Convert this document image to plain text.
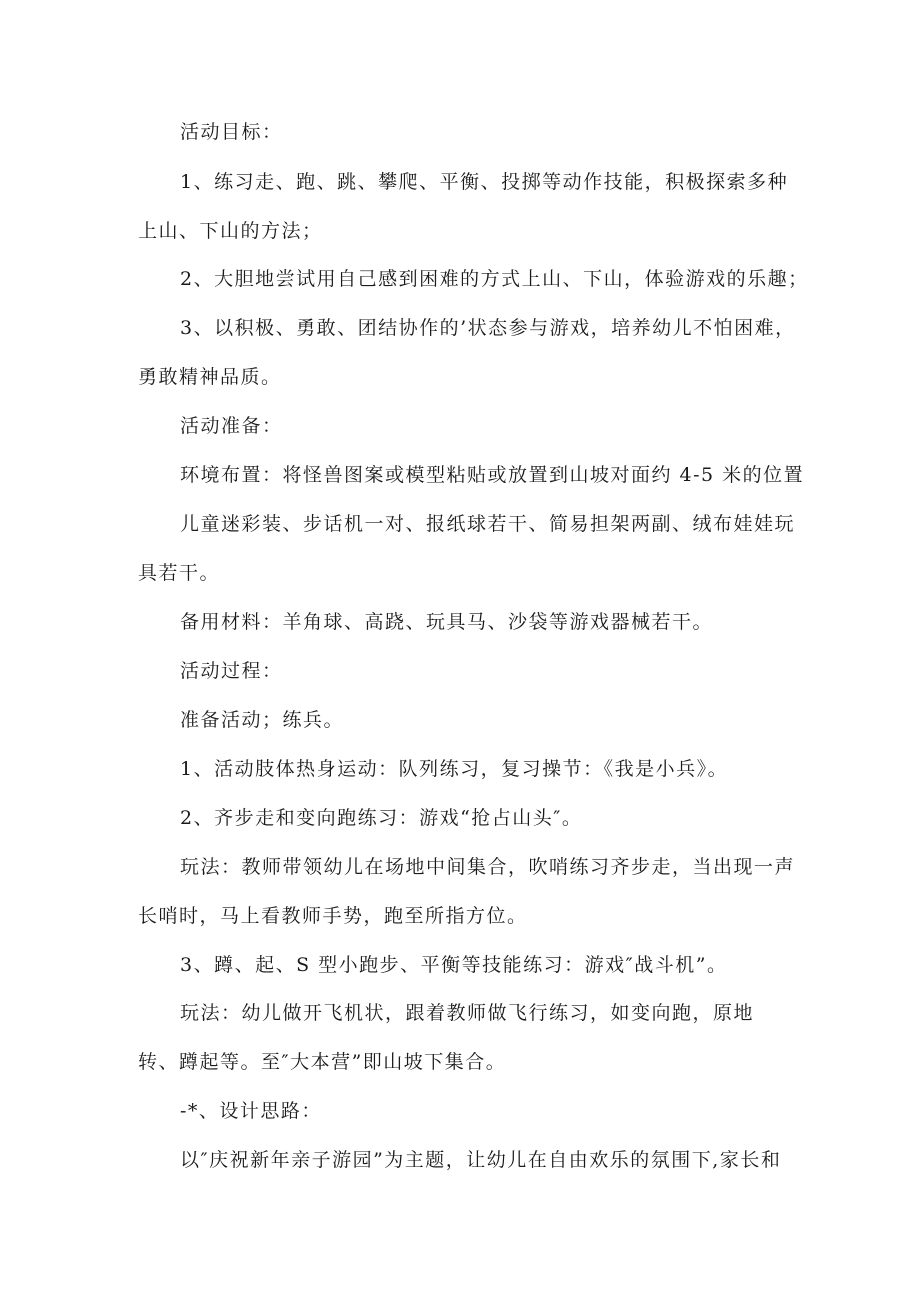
活动目标：
1、练习走、跑、跳、攀爬、平衡、投掷等动作技能，积极探索多种
上山、下山的方法；
2、大胆地尝试用自己感到困难的方式上山、下山，体验游戏的乐趣；
3、以积极、勇敢、团结协作的’状态参与游戏，培养幼儿不怕困难，
勇敢精神品质。
活动准备：
环境布置：将怪兽图案或模型粘贴或放置到山坡对面约 4-5 米的位置
儿童迷彩装、步话机一对、报纸球若干、简易担架两副、绒布娃娃玩
具若干。
备用材料：羊角球、高跷、玩具马、沙袋等游戏器械若干。
活动过程：
准备活动；练兵。
1、活动肢体热身运动：队列练习，复习操节：《我是小兵》。
2、齐步走和变向跑练习：游戏“抢占山头″。
玩法：教师带领幼儿在场地中间集合，吹哨练习齐步走，当出现一声
长哨时，马上看教师手势，跑至所指方位。
3、蹲、起、S 型小跑步、平衡等技能练习：游戏″战斗机”。
玩法：幼儿做开飞机状，跟着教师做飞行练习，如变向跑，原地
转、蹲起等。至″大本营”即山坡下集合。
-*、设计思路：
以″庆祝新年亲子游园”为主题，让幼儿在自由欢乐的氛围下,家长和
